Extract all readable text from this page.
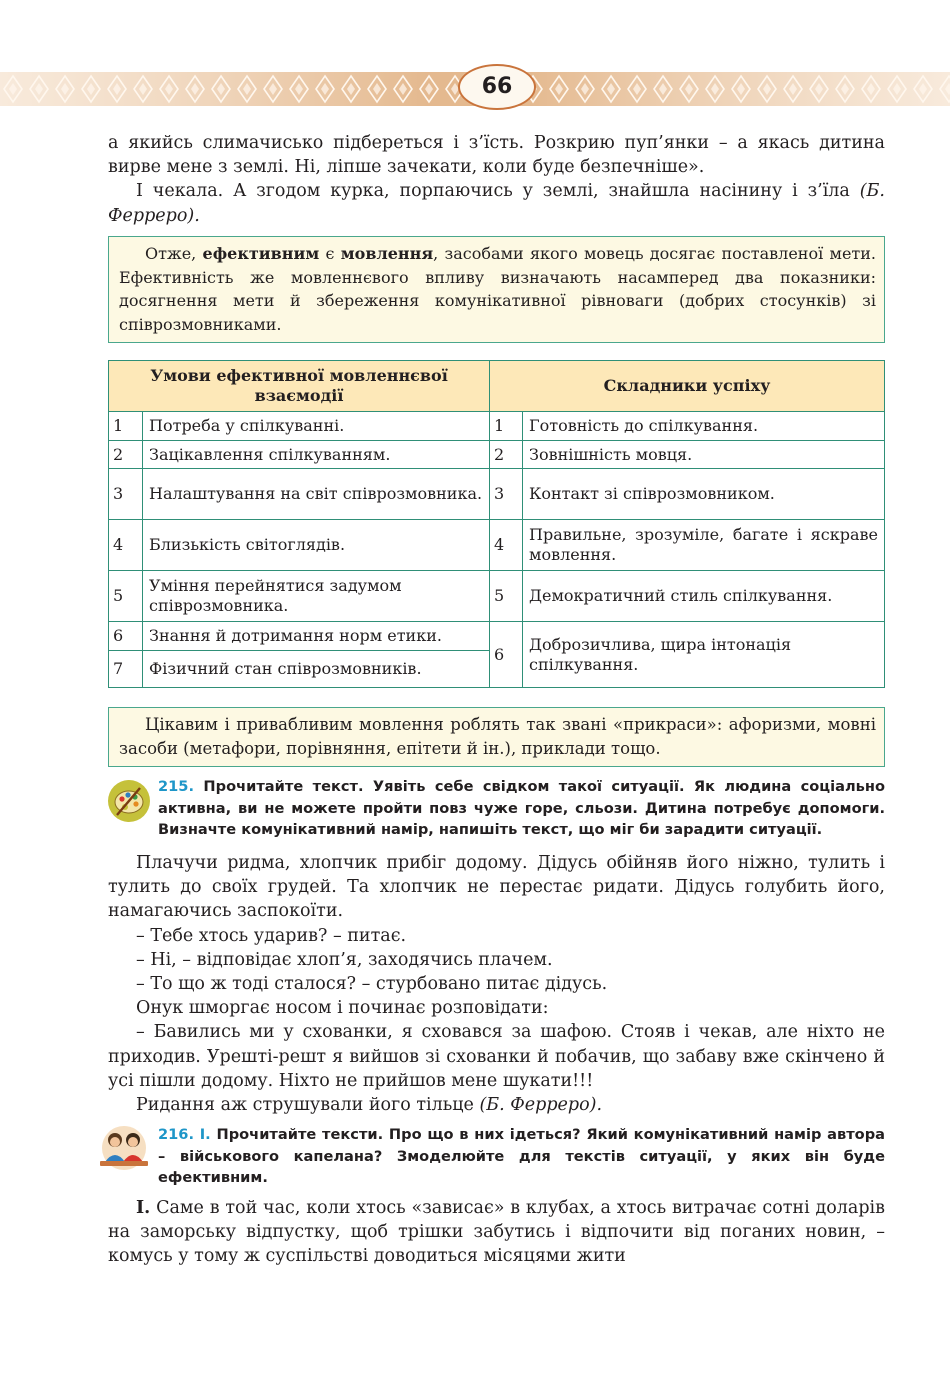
66

а якийсь слимачисько підбереться і з’їсть. Розкрию пуп’янки – а якась дитина вирве мене з землі. Ні, ліпше зачекати, коли буде безпечніше».

І чекала. А згодом курка, порпаючись у землі, знайшла насінину і з’їла (Б. Ферреро).

Отже, ефективним є мовлення, засобами якого мовець досягає поставленої мети. Ефективність же мовленнєвого впливу визначають насамперед два показники: досягнення мети й збереження комунікативної рівноваги (добрих стосунків) зі співрозмовниками.
Умови ефективної мовленнєвої взаємодії		Складники успіху	
1	Потреба у спілкуванні.	1	Готовність до спілкування.
2	Зацікавлення спілкуванням.	2	Зовнішність мовця.
3	Налаштування на світ співрозмовника.	3	Контакт зі співрозмовником.
4	Близькість світоглядів.	4	Правильне, зрозуміле, багате і яскраве мовлення.
5	Уміння перейнятися задумом співрозмовника.	5	Демократичний стиль спілкування.
6	Знання й дотримання норм етики.	6	Доброзичлива, щира інтонація спілкування.
7	Фізичний стан співрозмовників.		
Цікавим і привабливим мовлення роблять так звані «прикраси»: афоризми, мовні засоби (метафори, порівняння, епітети й ін.), приклади тощо.
215. Прочитайте текст. Уявіть себе свідком такої ситуації. Як людина соціально активна, ви не можете пройти повз чуже горе, сльози. Дитина потребує допомоги. Визначте комунікативний намір, напишіть текст, що міг би зарадити ситуації.

Плачучи ридма, хлопчик прибіг додому. Дідусь обійняв його ніжно, тулить і тулить до своїх грудей. Та хлопчик не перестає ридати. Дідусь голубить його, намагаючись заспокоїти.

– Тебе хтось ударив? – питає.

– Ні, – відповідає хлоп’я, заходячись плачем.

– То що ж тоді сталося? – стурбовано питає дідусь.

Онук шморгає носом і починає розповідати:

– Бавились ми у схованки, я сховався за шафою. Стояв і чекав, але ніхто не приходив. Урешті-решт я вийшов зі схованки й побачив, що забаву вже скінчено й усі пішли додому. Ніхто не прийшов мене шукати!!!

Ридання аж струшували його тільце (Б. Ферреро).

216. І. Прочитайте тексти. Про що в них ідеться? Який комунікативний намір автора – військового капелана? Змоделюйте для текстів ситуації, у яких він буде ефективним.

І. Саме в той час, коли хтось «зависає» в клубах, а хтось витрачає сотні доларів на заморську відпустку, щоб трішки забутись і відпочити від поганих новин, – комусь у тому ж суспільстві доводиться місяцями жити
